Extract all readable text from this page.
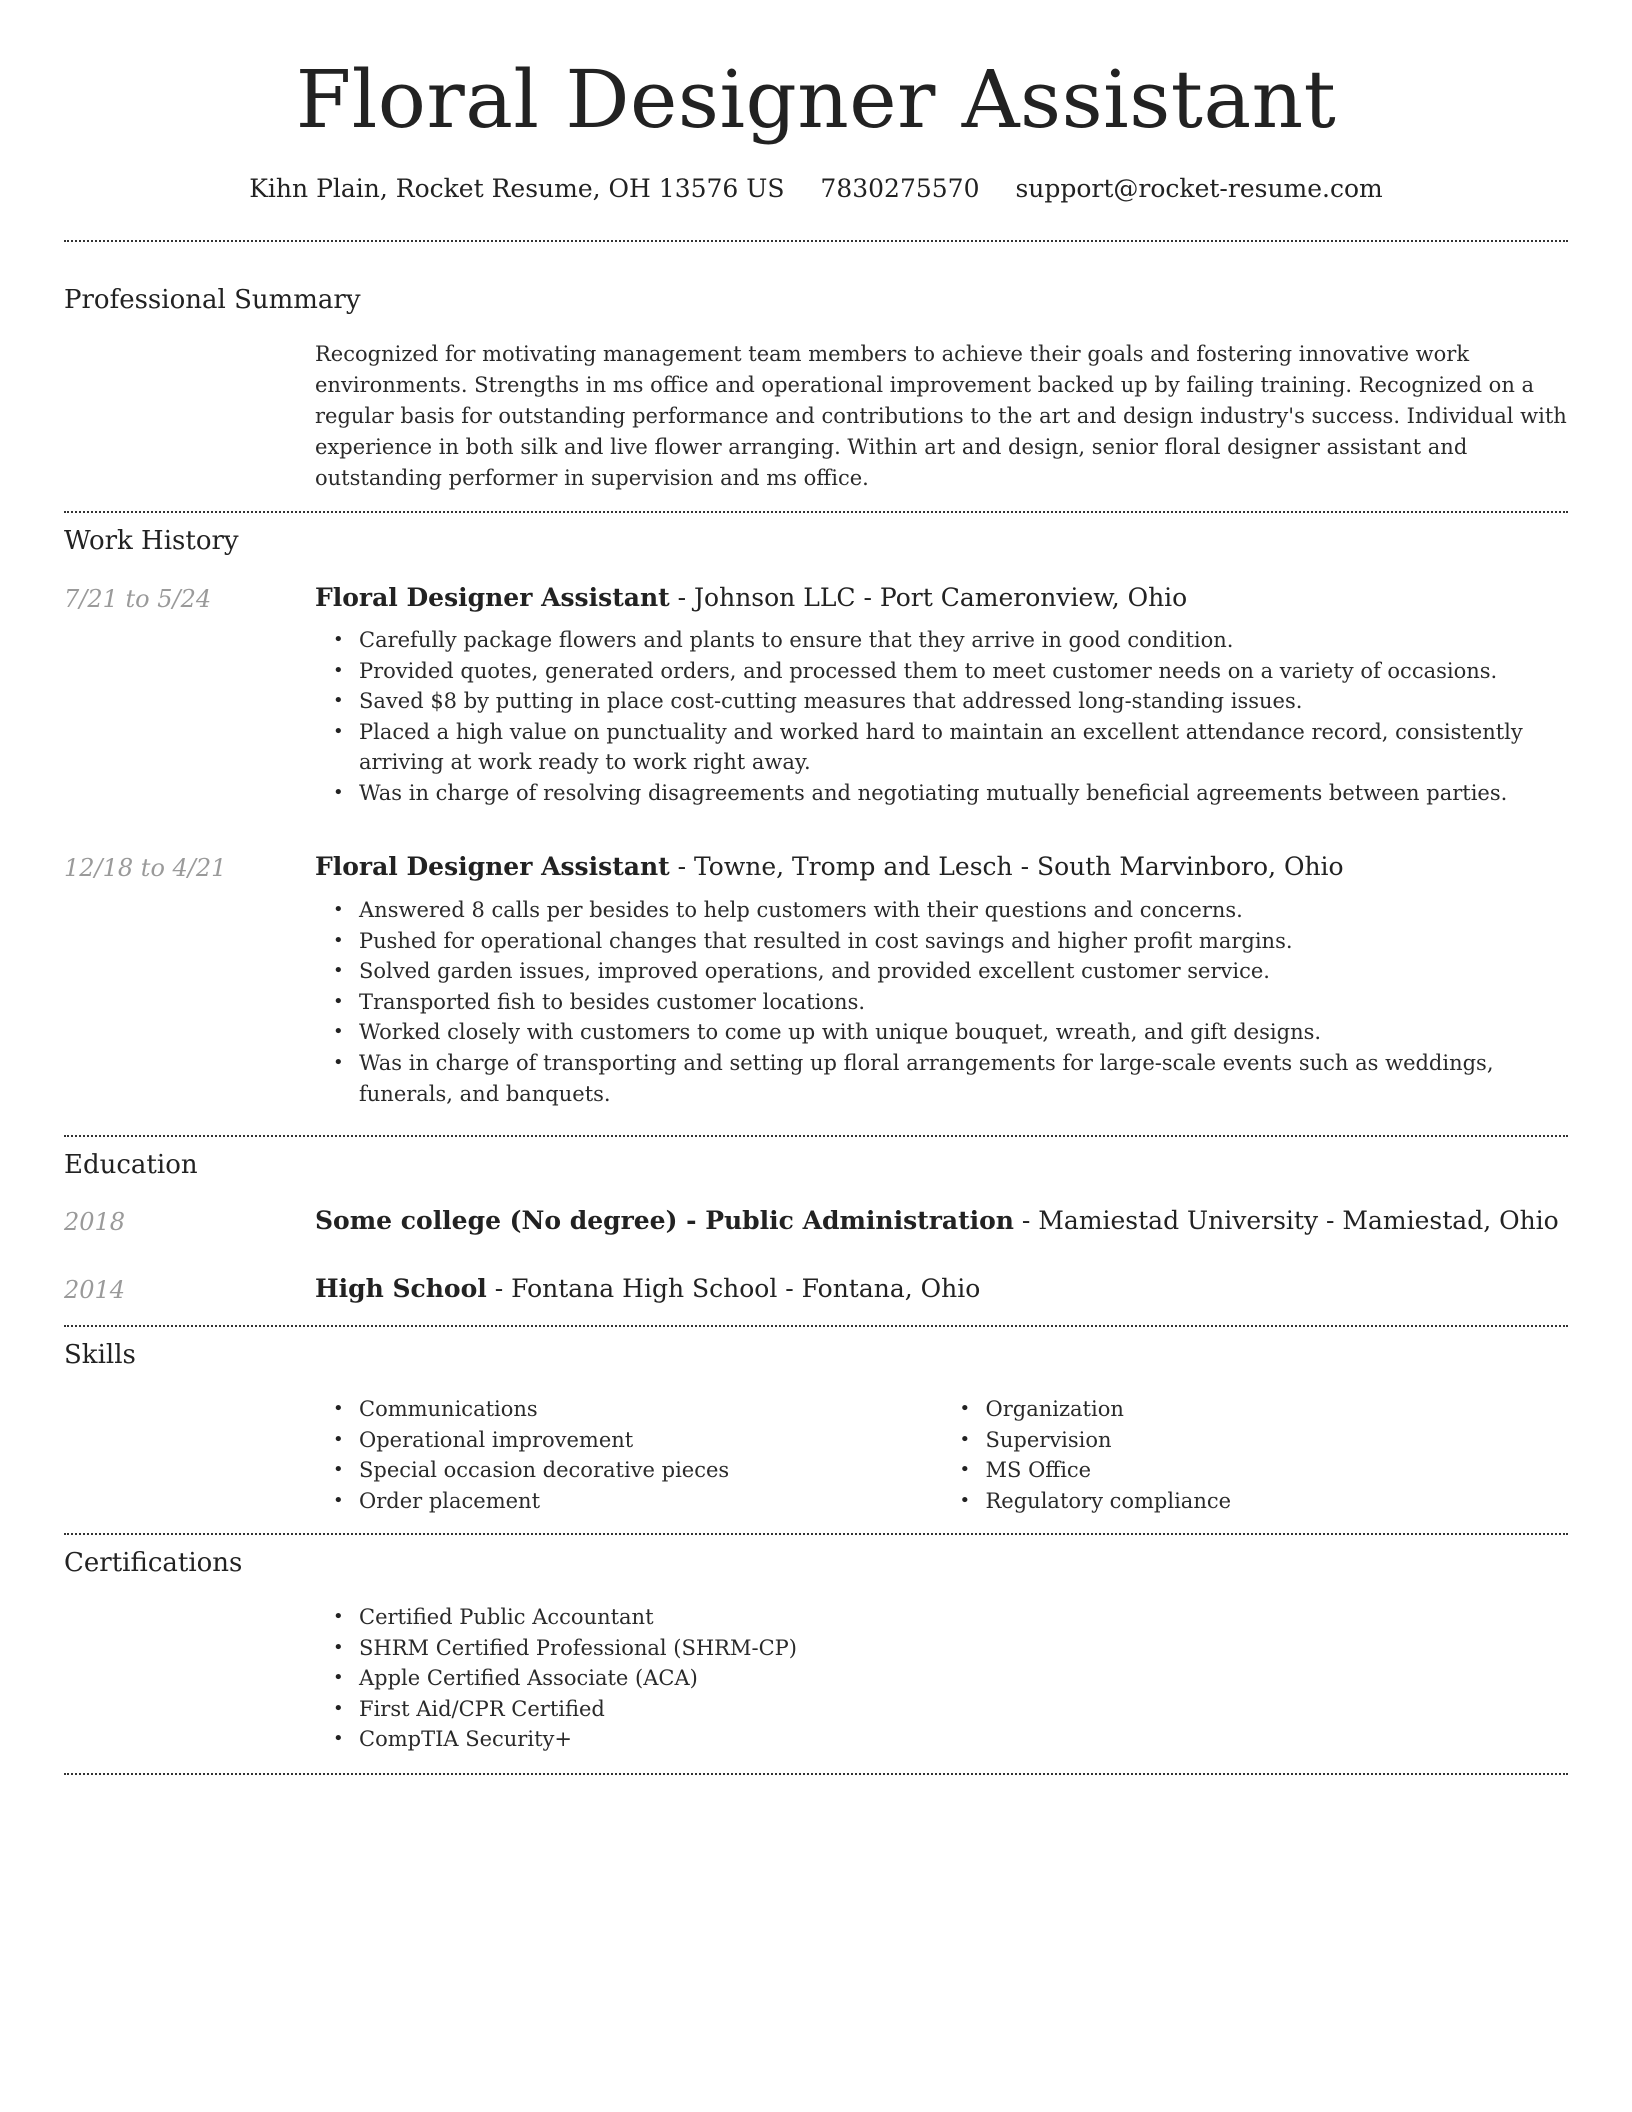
Floral Designer Assistant
Kihn Plain, Rocket Resume, OH 13576 US 7830275570 support@rocket-resume.com
Professional Summary

Recognized for motivating management team members to achieve their goals and fostering innovative work environments. Strengths in ms office and operational improvement backed up by failing training. Recognized on a regular basis for outstanding performance and contributions to the art and design industry's success. Individual with experience in both silk and live flower arranging. Within art and design, senior floral designer assistant and outstanding performer in supervision and ms office.

Work History
7/21 to 5/24	Floral Designer Assistant - Johnson LLC - Port Cameronview, Ohio
• Carefully package flowers and plants to ensure that they arrive in good condition.
• Provided quotes, generated orders, and processed them to meet customer needs on a variety of occasions.
• Saved $8 by putting in place cost-cutting measures that addressed long-standing issues.
• Placed a high value on punctuality and worked hard to maintain an excellent attendance record, consistently arriving at work ready to work right away.
• Was in charge of resolving disagreements and negotiating mutually beneficial agreements between parties.
12/18 to 4/21	Floral Designer Assistant - Towne, Tromp and Lesch - South Marvinboro, Ohio
• Answered 8 calls per besides to help customers with their questions and concerns.
• Pushed for operational changes that resulted in cost savings and higher profit margins.
• Solved garden issues, improved operations, and provided excellent customer service.
• Transported fish to besides customer locations.
• Worked closely with customers to come up with unique bouquet, wreath, and gift designs.
• Was in charge of transporting and setting up floral arrangements for large-scale events such as weddings, funerals, and banquets.
Education
2018	Some college (No degree) - Public Administration - Mamiestad University - Mamiestad, Ohio
2014	High School - Fontana High School - Fontana, Ohio
Skills
• Communications
• Operational improvement
• Special occasion decorative pieces
• Order placement
• Organization
• Supervision
• MS Office
• Regulatory compliance
Certifications
• Certified Public Accountant
• SHRM Certified Professional (SHRM-CP)
• Apple Certified Associate (ACA)
• First Aid/CPR Certified
• CompTIA Security+
